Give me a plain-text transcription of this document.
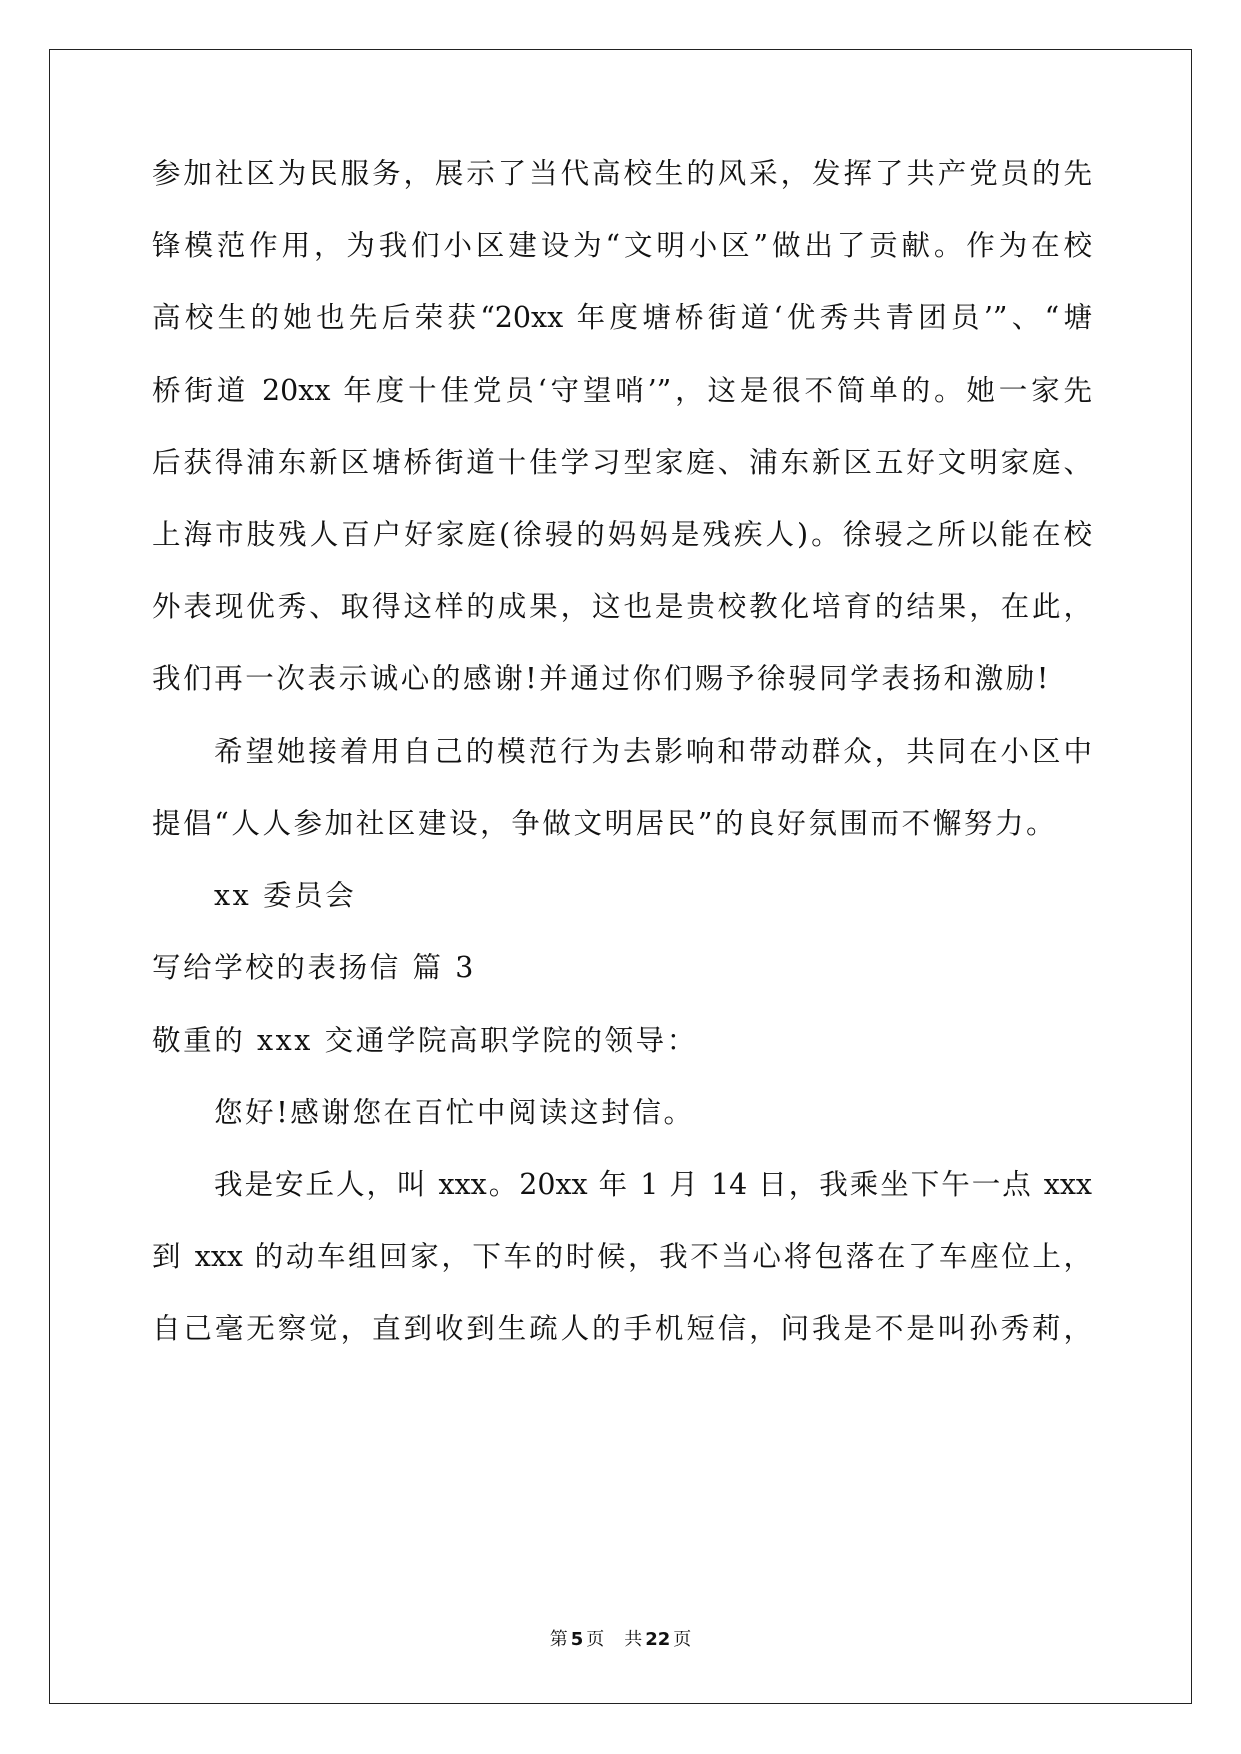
参加社区为民服务，展示了当代高校生的风采，发挥了共产党员的先
锋模范作用，为我们小区建设为“文明小区”做出了贡献。作为在校
高校生的她也先后荣获“20xx 年度塘桥街道‘优秀共青团员’”、“塘
桥街道 20xx 年度十佳党员‘守望哨’”，这是很不简单的。她一家先
后获得浦东新区塘桥街道十佳学习型家庭、浦东新区五好文明家庭、
上海市肢残人百户好家庭(徐骎的妈妈是残疾人)。徐骎之所以能在校
外表现优秀、取得这样的成果，这也是贵校教化培育的结果，在此，
我们再一次表示诚心的感谢!并通过你们赐予徐骎同学表扬和激励!
希望她接着用自己的模范行为去影响和带动群众，共同在小区中
提倡“人人参加社区建设，争做文明居民”的良好氛围而不懈努力。
xx 委员会
写给学校的表扬信 篇 3
敬重的 xxx 交通学院高职学院的领导：
您好!感谢您在百忙中阅读这封信。
我是安丘人，叫 xxx。20xx 年 1 月 14 日，我乘坐下午一点 xxx
到 xxx 的动车组回家，下车的时候，我不当心将包落在了车座位上，
自己毫无察觉，直到收到生疏人的手机短信，问我是不是叫孙秀莉，
第 5 页 共 22 页
